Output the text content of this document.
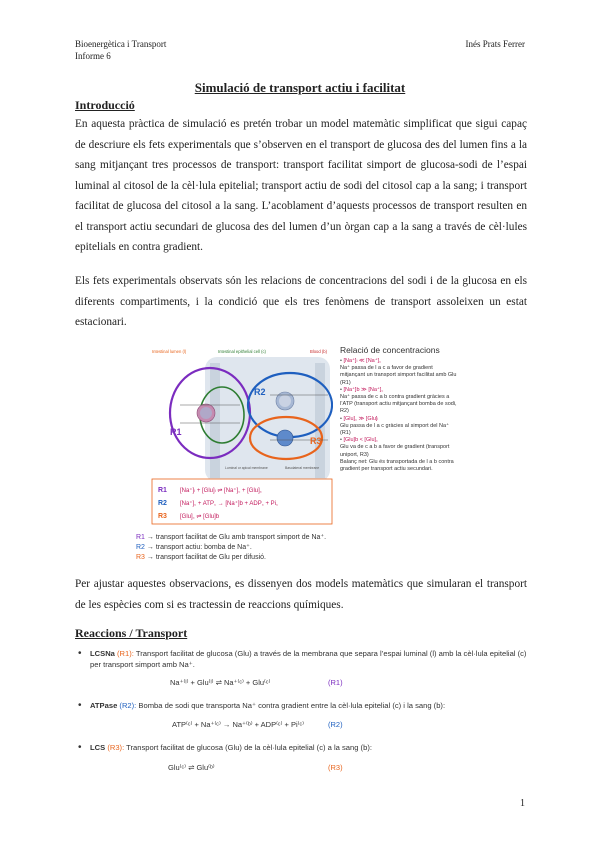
Bioenergètica i Transport
Informe 6
Inés Prats Ferrer
Simulació de transport actiu i facilitat
Introducció
En aquesta pràctica de simulació es pretén trobar un model matemàtic simplificat que sigui capaç de descriure els fets experimentals que s’observen en el transport de glucosa des del lumen fins a la sang mitjançant tres processos de transport: transport facilitat simport de glucosa-sodi de l’espai luminal al citosol de la cèl·lula epitelial; transport actiu de sodi del citosol cap a la sang; i transport facilitat de glucosa del citosol a la sang. L’acoblament d’aquests processos de transport resulten en el transport actiu secundari de glucosa des del lumen d’un òrgan cap a la sang a través de cèl·lules epitelials en contra gradient.
Els fets experimentals observats són les relacions de concentracions del sodi i de la glucosa en els diferents compartiments, i la condició que els tres fenòmens de transport assoleixen un estat estacionari.
Intestinal lumen (l)	Intestinal epithelial cell (c)	Blood (b)
R1
R2
R3
Luminal or apical membrane	Basolateral membrane
R1 [Na⁺]ₗ + [Glu]ₗ ⇌ [Na⁺]꜀ + [Glu]꜀
R2 [Na⁺]꜀ + ATP꜀ → [Na⁺]b + ADP꜀ + Pi꜀
R3 [Glu]꜀ ⇌ [Glu]b
Relació de concentracions
• [Na⁺]ₗ ≪ [Na⁺]꜀
Na⁺ passa de l a c a favor de gradient mitjançant un transport simport facilitat amb Glu (R1)
• [Na⁺]b ≫ [Na⁺]꜀
Na⁺ passa de c a b contra gradient gràcies a l’ATP (transport actiu mitjançant bomba de sodi, R2)
• [Glu]꜀ ≫ [Glu]ₗ
Glu passa de l a c gràcies al simport del Na⁺ (R1)
• [Glu]b < [Glu]꜀
Glu va de c a b a favor de gradient (transport uniport, R3)
Balanç net: Glu és transportada de l a b contra gradient per transport actiu secundari.
R1 → transport facilitat de Glu amb transport simport de Na⁺.
R2 → transport actiu: bomba de Na⁺.
R3 → transport facilitat de Glu per difusió.
Per ajustar aquestes observacions, es dissenyen dos models matemàtics que simularan el transport de les espècies com si es tractessin de reaccions químiques.
Reaccions / Transport
• LCSNa (R1): Transport facilitat de glucosa (Glu) a través de la membrana que separa l’espai luminal (l) amb la cèl·lula epitelial (c) per transport simport amb Na⁺.
Na⁺⁽ˡ⁾ + Glu⁽ˡ⁾ ⇌ Na⁺⁽ᶜ⁾ + Glu⁽ᶜ⁾	(R1)
• ATPase (R2): Bomba de sodi que transporta Na⁺ contra gradient entre la cèl·lula epitelial (c) i la sang (b):
ATP⁽ᶜ⁾ + Na⁺⁽ᶜ⁾ → Na⁺⁽ᵇ⁾ + ADP⁽ᶜ⁾ + Pi⁽ᶜ⁾	(R2)
• LCS (R3): Transport facilitat de glucosa (Glu) de la cèl·lula epitelial (c) a la sang (b):
Glu⁽ᶜ⁾ ⇌ Glu⁽ᵇ⁾	(R3)
1
